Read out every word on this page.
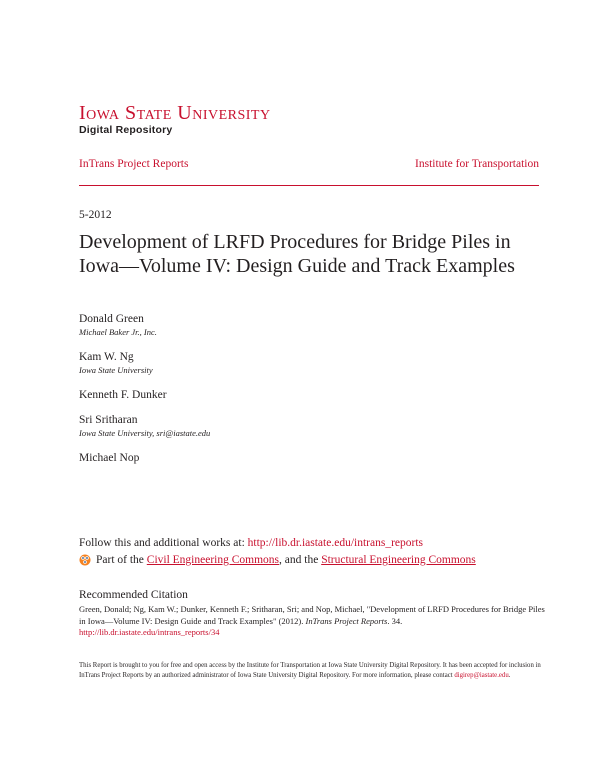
Iowa State University
Digital Repository
InTrans Project Reports	Institute for Transportation
5-2012
Development of LRFD Procedures for Bridge Piles in Iowa—Volume IV: Design Guide and Track Examples
Donald Green
Michael Baker Jr., Inc.
Kam W. Ng
Iowa State University
Kenneth F. Dunker
Sri Sritharan
Iowa State University, sri@iastate.edu
Michael Nop
Follow this and additional works at: http://lib.dr.iastate.edu/intrans_reports
Part of the
Civil Engineering Commons , and the
Structural Engineering Commons
Recommended Citation
Green, Donald; Ng, Kam W.; Dunker, Kenneth F.; Sritharan, Sri; and Nop, Michael, "Development of LRFD Procedures for Bridge Piles in Iowa—Volume IV: Design Guide and Track Examples" (2012). InTrans Project Reports. 34.
http://lib.dr.iastate.edu/intrans_reports/34
This Report is brought to you for free and open access by the Institute for Transportation at Iowa State University Digital Repository. It has been accepted for inclusion in InTrans Project Reports by an authorized administrator of Iowa State University Digital Repository. For more information, please contact digirep@iastate.edu.
